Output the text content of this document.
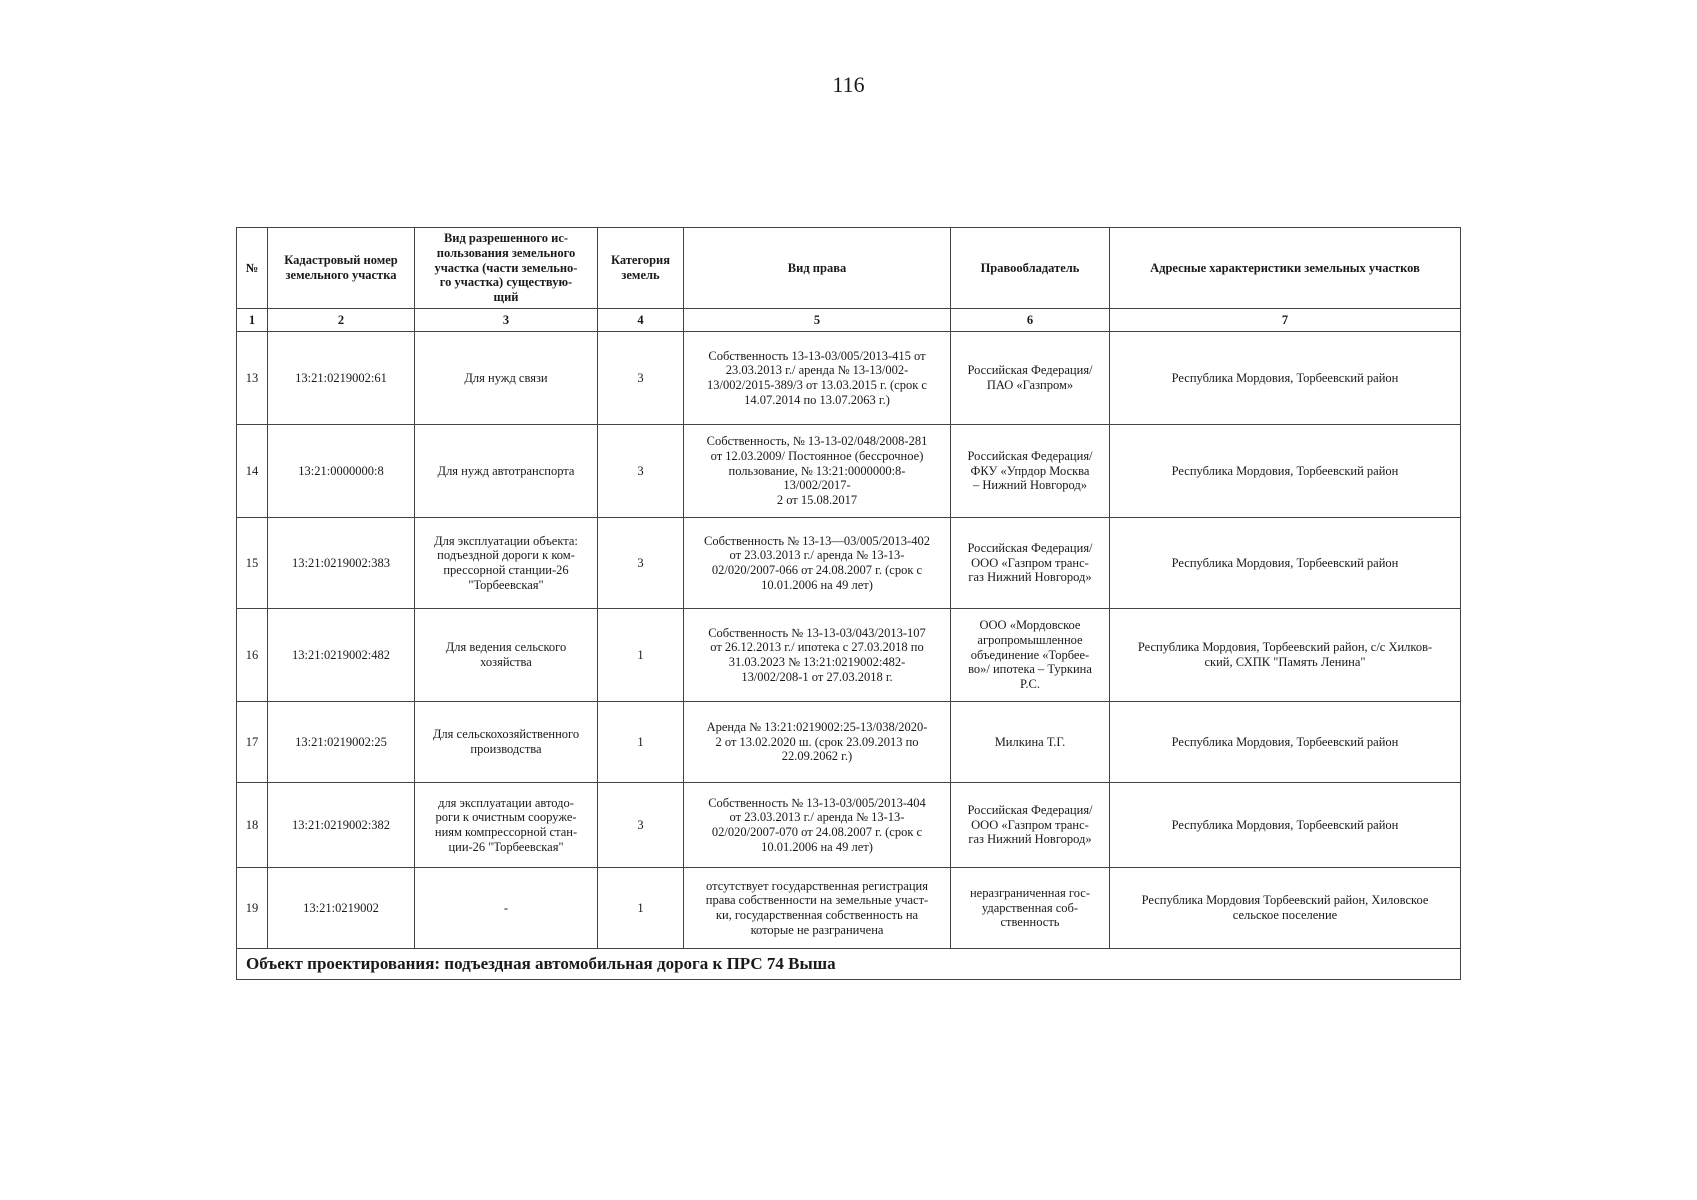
116
№	Кадастровый номер земельного участка	Вид разрешенного ис-
пользования земельного
участка (части земельно-
го участка) существую-
щий	Категория земель	Вид права	Правообладатель	Адресные характеристики земельных участков
1	2	3	4	5	6	7
13	13:21:0219002:61	Для нужд связи	3	Собственность 13-13-03/005/2013-415 от
23.03.2013 г./ аренда № 13-13/002-
13/002/2015-389/3 от 13.03.2015 г. (срок с
14.07.2014 по 13.07.2063 г.)	Российская Федерация/
ПАО «Газпром»	Республика Мордовия, Торбеевский район
14	13:21:0000000:8	Для нужд автотранспорта	3	Собственность, № 13-13-02/048/2008-281
от 12.03.2009/ Постоянное (бессрочное)
пользование, № 13:21:0000000:8-
13/002/2017-
2 от 15.08.2017	Российская Федерация/
ФКУ «Упрдор Москва
– Нижний Новгород»	Республика Мордовия, Торбеевский район
15	13:21:0219002:383	Для эксплуатации объекта:
подъездной дороги к ком-
прессорной станции-26
"Торбеевская"	3	Собственность № 13-13—03/005/2013-402
от 23.03.2013 г./ аренда № 13-13-
02/020/2007-066 от 24.08.2007 г. (срок с
10.01.2006 на 49 лет)	Российская Федерация/
ООО «Газпром транс-
газ Нижний Новгород»	Республика Мордовия, Торбеевский район
16	13:21:0219002:482	Для ведения сельского
хозяйства	1	Собственность № 13-13-03/043/2013-107
от 26.12.2013 г./ ипотека с 27.03.2018 по
31.03.2023 № 13:21:0219002:482-
13/002/208-1 от 27.03.2018 г.	ООО «Мордовское
агропромышленное
объединение «Торбее-
во»/ ипотека – Туркина
Р.С.	Республика Мордовия, Торбеевский район, с/с Хилков-
ский, СХПК "Память Ленина"
17	13:21:0219002:25	Для сельскохозяйственного
производства	1	Аренда № 13:21:0219002:25-13/038/2020-
2 от 13.02.2020 ш. (срок 23.09.2013 по
22.09.2062 г.)	Милкина Т.Г.	Республика Мордовия, Торбеевский район
18	13:21:0219002:382	для эксплуатации автодо-
роги к очистным сооруже-
ниям компрессорной стан-
ции-26 "Торбеевская"	3	Собственность № 13-13-03/005/2013-404
от 23.03.2013 г./ аренда № 13-13-
02/020/2007-070 от 24.08.2007 г. (срок с
10.01.2006 на 49 лет)	Российская Федерация/
ООО «Газпром транс-
газ Нижний Новгород»	Республика Мордовия, Торбеевский район
19	13:21:0219002	-	1	отсутствует государственная регистрация
права собственности на земельные участ-
ки, государственная собственность на
которые не разграничена	неразграниченная гос-
ударственная соб-
ственность	Республика Мордовия Торбеевский район, Хиловское
сельское поселение
Объект проектирования: подъездная автомобильная дорога к ПРС 74 Выша						
